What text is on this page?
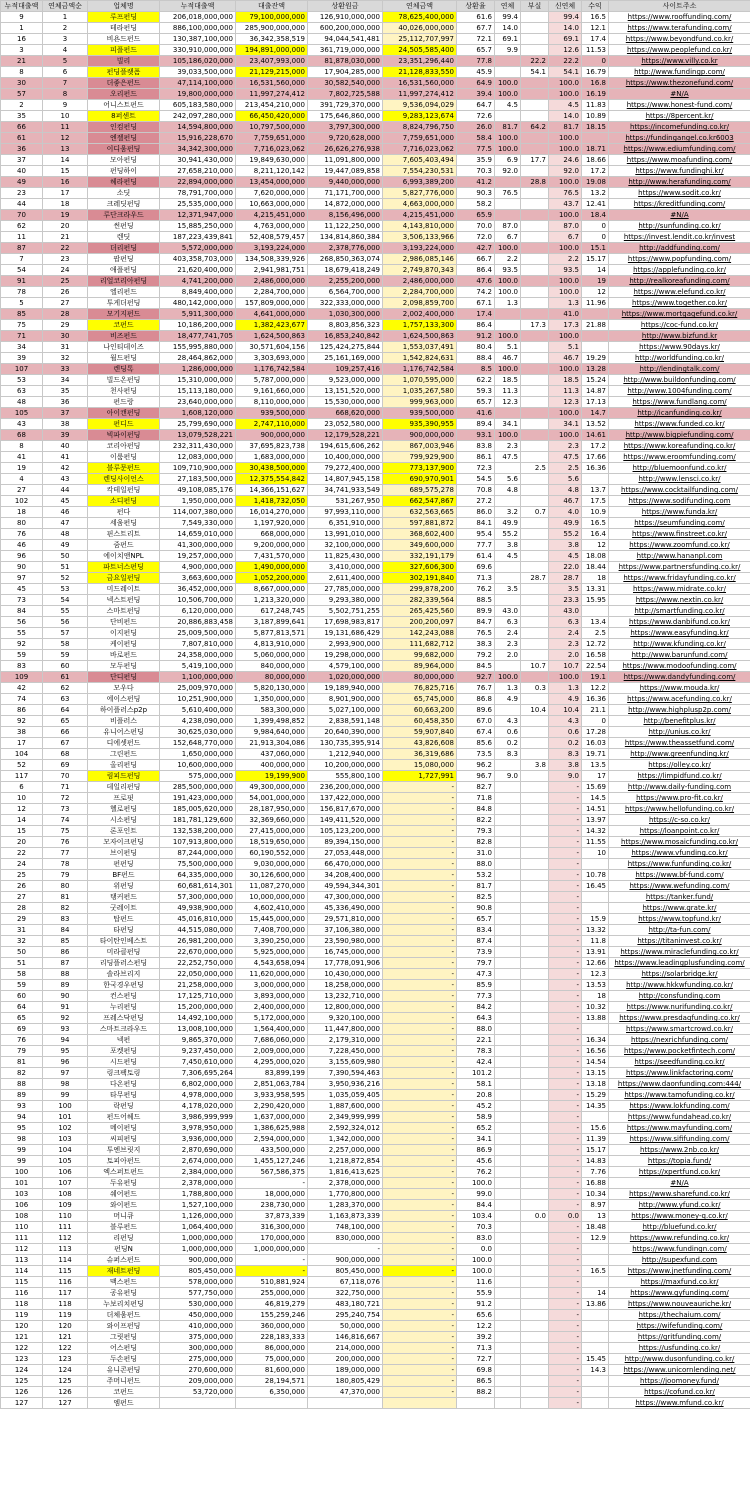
누적대출액	연체금액순	업체명	누적대출액	대출잔액	상환원금	연체금액	상환율	연체	부실	신연체	수익	사이트주소
9	1	루프펀딩	206,018,000,000	79,100,000,000	126,910,000,000	78,625,400,000	61.6	99.4		99.4	16.5	https://www.rooffunding.com/
1	2	테라펀딩	886,100,000,000	285,900,000,000	600,200,000,000	40,026,000,000	67.7	14.0		14.0	12.1	https://www.terafunding.com/
16	3	비욘드펀드	130,387,100,000	36,342,358,519	94,044,541,481	25,112,707,997	72.1	69.1		69.1	17.4	https://www.beyondfund.co.kr/
3	4	피플펀드	330,910,000,000	194,891,000,000	361,719,000,000	24,505,585,400	65.7	9.9		12.6	11.53	https://www.peoplefund.co.kr/
21	5	빌리	105,186,020,000	23,407,993,000	81,878,030,000	23,351,296,440	77.8		22.2	22.2	0	https://www.villy.co.kr
8	6	펀딩플랫폼	39,033,500,000	21,129,215,000	17,904,285,000	21,128,833,550	45.9		54.1	54.1	16.79	http://www.fundingp.com/
30	7	더좋은펀드	47,114,100,000	16,531,560,000	30,582,540,000	16,531,560,000	64.9	100.0		100.0	16.8	https://www.thezonefund.com/
57	8	오리펀드	19,800,000,000	11,997,274,412	7,802,725,588	11,997,274,412	39.4	100.0		100.0	16.19	#N/A
2	9	어니스트펀드	605,183,580,000	213,454,210,000	391,729,370,000	9,536,094,029	64.7	4.5		4.5	11.83	https://www.honest-fund.com/
35	10	8퍼센트	242,097,280,000	66,450,420,000	175,646,860,000	9,283,123,674	72.6			14.0	10.89	https://8percent.kr/
66	11	인컴펀딩	14,594,800,000	10,797,500,000	3,797,300,000	8,824,796,750	26.0	81.7	64.2	81.7	18.15	https://incomefunding.co.kr/
61	12	엔젤펀딩	15,916,228,670	7,759,651,000	9,720,628,000	7,759,651,000	58.4	100.0		100.0		https://fundingangel.co.kr6003
36	13	이디움펀딩	34,342,300,000	7,716,023,062	26,626,276,938	7,716,023,062	77.5	100.0		100.0	18.71	https://www.ediumfunding.com/
37	14	모아펀딩	30,941,430,000	19,849,630,000	11,091,800,000	7,605,403,494	35.9	6.9	17.7	24.6	18.66	https://www.moafunding.com/
40	15	펀딩하이	27,658,210,000	8,211,120,142	19,447,089,858	7,554,230,531	70.3	92.0		92.0	17.2	https://www.fundinghi.kr/
49	16	헤라펀딩	22,894,000,000	13,454,000,000	9,440,000,000	6,993,389,200	41.2		28.8	100.0	19.08	http://www.herafunding.com/
23	17	소딧	78,791,700,000	7,620,000,000	71,171,700,000	5,827,776,000	90.3	76.5		76.5	13.2	https://www.sodit.co.kr/
44	18	크레딧펀딩	25,535,000,000	10,663,000,000	14,872,000,000	4,663,000,000	58.2			43.7	12.41	https://kreditfunding.com/
70	19	루단크라우드	12,371,947,000	4,215,451,000	8,156,496,000	4,215,451,000	65.9			100.0	18.4	#N/A
62	20	썬펀딩	15,885,250,000	4,763,000,000	11,122,250,000	4,143,810,000	70.0	87.0		87.0	0	http://sunfunding.co.kr/
11	21	렌딧	187,223,439,841	52,408,579,457	134,814,860,384	3,506,133,966	72.0	6.7		6.7	0	https://invest.lendit.co.kr/invest
87	22	더리펀딩	5,572,000,000	3,193,224,000	2,378,776,000	3,193,224,000	42.7	100.0		100.0	15.1	http://addfunding.com/
7	23	팝펀딩	403,358,703,000	134,508,339,926	268,850,363,074	2,986,085,146	66.7	2.2		2.2	15.17	https://www.popfunding.com/
54	24	애플펀딩	21,620,400,000	2,941,981,751	18,679,418,249	2,749,870,343	86.4	93.5		93.5	14	https://applefunding.co.kr/
91	25	리얼코리아펀딩	4,741,200,000	2,486,000,000	2,255,200,000	2,486,000,000	47.6	100.0		100.0	19	http://realkoreafunding.com/
78	26	엘리펀드	8,849,400,000	2,284,700,000	6,564,700,000	2,284,700,000	74.2	100.0		100.0	12	https://www.elefund.co.kr/
5	27	투게더펀딩	480,142,000,000	157,809,000,000	322,333,000,000	2,098,859,700	67.1	1.3		1.3	11.96	https://www.together.co.kr/
85	28	모기지펀드	5,911,300,000	4,641,000,000	1,030,300,000	2,002,400,000	17.4			41.0		https://www.mortgagefund.co.kr/
75	29	코펀드	10,186,200,000	1,382,423,677	8,803,856,323	1,757,133,300	86.4		17.3	17.3	21.88	https://coc-fund.co.kr/
71	30	비즈펀드	18,477,741,705	1,624,500,863	16,853,240,842	1,624,500,863	91.2	100.0		100.0		http://www.bizfund.kr
34	31	나인티데이즈	155,995,880,000	30,571,604,156	125,424,275,844	1,553,037,491	80.4	5.1		5.1		https://www.90days.kr/
39	32	월드펀딩	28,464,862,000	3,303,693,000	25,161,169,000	1,542,824,631	88.4	46.7		46.7	19.29	http://worldfunding.co.kr/
107	33	렌딩톡	1,286,000,000	1,176,742,584	109,257,416	1,176,742,584	8.5	100.0		100.0	13.28	http://lendingtalk.com/
53	34	빌드온펀딩	15,310,000,000	5,787,000,000	9,523,000,000	1,070,595,000	62.2	18.5		18.5	15.24	http://www.buildonfunding.com/
63	35	천사펀딩	15,113,180,000	9,161,660,000	13,151,520,000	1,035,267,580	59.3	11.3		11.3	14.87	http://www.1004funding.com/
48	36	펀드랑	23,640,000,000	8,110,000,000	15,530,000,000	999,963,000	65.7	12.3		12.3	17.13	https://www.fundlang.com/
105	37	아이캔펀딩	1,608,120,000	939,500,000	668,620,000	939,500,000	41.6			100.0	14.7	http://icanfunding.co.kr/
43	38	펀디드	25,799,690,000	2,747,110,000	23,052,580,000	935,390,955	89.4	34.1		34.1	13.52	https://www.funded.co.kr/
68	39	빅파이펀딩	13,079,528,221	900,000,000	12,179,528,221	900,000,000	93.1	100.0		100.0	14.61	http://www.bigpiefunding.com/
8	40	코리아펀딩	232,311,430,000	37,695,823,738	194,615,606,262	867,003,946	83.8	2.3		2.3	17.2	https://www.koreafunding.co.kr/
41	41	이룸펀딩	12,083,000,000	1,683,000,000	10,400,000,000	799,929,900	86.1	47.5		47.5	17.66	https://www.eroomfunding.com/
19	42	블루문펀드	109,710,900,000	30,438,500,000	79,272,400,000	773,137,900	72.3		2.5	2.5	16.36	http://bluemoonfund.co.kr/
4	43	렌딩사이언스	27,183,500,000	12,375,554,842	14,807,945,158	690,970,901	54.5	5.6		5.6		http://www.lensci.co.kr/
27	44	칵테일펀딩	49,108,085,176	14,366,151,627	34,741,933,549	689,575,278	70.8	4.8		4.8	13.7	https://www.cocktailfunding.com/
102	45	소디펀딩	1,950,000,000	1,418,732,050	531,267,950	662,547,867	27.2			46.7	17.5	https://www.sodifunding.com
18	46	펀다	114,007,380,000	16,014,270,000	97,993,110,000	632,563,665	86.0	3.2	0.7	4.0	10.9	https://www.funda.kr/
80	47	세움펀딩	7,549,330,000	1,197,920,000	6,351,910,000	597,881,872	84.1	49.9		49.9	16.5	https://seumfunding.com/
76	48	핀스트리트	14,659,010,000	668,000,000	13,991,010,000	368,602,400	95.4	55.2		55.2	16.4	https://www.finstreet.co.kr/
46	49	줌펀드	41,300,000,000	9,200,000,000	32,100,000,000	349,600,000	77.7	3.8		3.8	12	https://www.zoomfund.co.kr/
96	50	에이치앤NPL	19,257,000,000	7,431,570,000	11,825,430,000	332,191,179	61.4	4.5		4.5	18.08	http://www.hananpl.com
90	51	파트너스펀딩	4,900,000,000	1,490,000,000	3,410,000,000	327,606,300	69.6			22.0	18.44	https://www.partnersfunding.co.kr/
97	52	금요일펀딩	3,663,600,000	1,052,200,000	2,611,400,000	302,191,840	71.3		28.7	28.7	18	https://www.fridayfunding.co.kr/
45	53	미드레이트	36,452,000,000	8,667,000,000	27,785,000,000	299,878,200	76.2	3.5		3.5	13.31	https://www.midrate.co.kr/
73	54	넥스트펀딩	10,506,700,000	1,213,320,000	9,293,380,000	282,339,564	88.5			23.3	15.95	https://www.nextin.co.kr/
84	55	스마트펀딩	6,120,000,000	617,248,745	5,502,751,255	265,425,560	89.9	43.0		43.0		http://smartfunding.co.kr/
56	56	단비펀드	20,886,883,458	3,187,899,641	17,698,983,817	200,200,097	84.7	6.3		6.3	13.4	https://www.danbifund.co.kr/
55	57	이지펀딩	25,009,500,000	5,877,813,571	19,131,686,429	142,243,088	76.5	2.4		2.4	2.5	https://www.easyfunding.kr/
92	58	케이펀딩	7,807,810,000	4,813,910,000	2,993,900,000	111,682,712	38.3	2.3		2.3	12.72	http://www.kfunding.co.kr/
59	59	바로펀드	24,358,000,000	5,060,000,000	19,298,000,000	99,682,000	79.2	2.0		2.0	16.58	http://www.barunfund.com/
83	60	모두펀딩	5,419,100,000	840,000,000	4,579,100,000	89,964,000	84.5		10.7	10.7	22.54	https://www.modoofunding.com/
109	61	단디펀딩	1,100,000,000	80,000,000	1,020,000,000	80,000,000	92.7	100.0		100.0	19.1	https://www.dandyfunding.com/
42	62	모우다	25,009,970,000	5,820,130,000	19,189,940,000	76,825,716	76.7	1.3	0.3	1.3	12.2	https://www.mouda.kr/
74	63	에이스펀딩	10,251,900,000	1,350,000,000	8,901,900,000	65,745,000	86.8	4.9		4.9	16.36	https://www.acefunding.co.kr/
86	64	하이플러스p2p	5,610,400,000	583,300,000	5,027,100,000	60,663,200	89.6		10.4	10.4	21.1	http://www.highplusp2p.com/
92	65	비플러스	4,238,090,000	1,399,498,852	2,838,591,148	60,458,350	67.0	4.3		4.3	0	http://benefitplus.kr/
38	66	유니어스펀딩	30,625,030,000	9,984,640,000	20,640,390,000	59,907,840	67.4	0.6		0.6	17.28	http://unius.co.kr/
17	67	디에셋펀드	152,648,770,000	21,913,304,086	130,735,395,914	43,826,608	85.6	0.2		0.2	16.03	https://www.theassetfund.com/
104	68	그린펀드	1,650,000,000	437,060,000	1,212,940,000	36,319,686	73.5	8.3		8.3	19.71	http://www.greenfunding.kr/
52	69	올리펀딩	10,600,000,000	400,000,000	10,200,000,000	15,080,000	96.2		3.8	3.8	13.5	https://olley.co.kr/
117	70	림피드펀딩	575,000,000	19,199,900	555,800,100	1,727,991	96.7	9.0		9.0	17	https://limpidfund.co.kr/
6	71	데일리펀딩	285,500,000,000	49,300,000,000	236,200,000,000	-	82.7			-	15.69	http://www.daily-funding.com
10	72	프로핏	191,423,000,000	54,001,000,000	137,422,000,000	-	71.8			-	14.5	https://www.pro-fit.co.kr/
12	73	헬로펀딩	185,005,620,000	28,187,950,000	156,817,670,000	-	84.8			-	14.51	https://www.hellofunding.co.kr/
14	74	시소펀딩	181,781,129,600	32,369,660,000	149,411,520,000	-	82.2			-	13.97	https://c-so.co.kr/
15	75	론포인트	132,538,200,000	27,415,000,000	105,123,200,000	-	79.3			-	14.32	https://loanpoint.co.kr/
20	76	모자이크펀딩	107,913,800,000	18,519,650,000	89,394,150,000	-	82.8			-	11.55	https://www.mosaicfunding.co.kr/
22	77	브이펀딩	87,244,000,000	60,190,552,000	27,053,448,000	-	31.0			-	10	https://www.vfunding.co.kr/
24	78	펀펀딩	75,500,000,000	9,030,000,000	66,470,000,000	-	88.0			-		https://www.funfunding.co.kr/
25	79	BF펀드	64,335,000,000	30,126,600,000	34,208,400,000	-	53.2			-	10.78	https://www.bf-fund.com/
26	80	위펀딩	60,681,614,301	11,087,270,000	49,594,344,301	-	81.7			-	16.45	https://www.wefunding.com/
27	81	탱커펀드	57,300,000,000	10,000,000,000	47,300,000,000	-	82.5			-		https://tanker.fund/
28	82	굿레이트	49,938,900,000	4,602,410,000	45,336,490,000	-	90.8			-		https://www.grate.kr/
29	83	탑펀드	45,016,810,000	15,445,000,000	29,571,810,000	-	65.7			-	15.9	https://www.topfund.kr/
31	84	타펀딩	44,515,080,000	7,408,700,000	37,106,380,000	-	83.4			-	13.32	http://ta-fun.com/
32	85	타이탄인베스트	26,981,200,000	3,390,250,000	23,590,980,000	-	87.4			-	11.8	https://titaninvest.co.kr/
50	86	미라클펀딩	22,670,000,000	5,925,000,000	16,745,000,000	-	73.9			-	13.91	https://www.miraclefunding.co.kr/
51	87	리딩플러스펀딩	22,252,750,000	4,543,658,094	17,778,091,906	-	79.7			-	12.66	https://www.leadingplusfunding.com/
58	88	솔라브리지	22,050,000,000	11,620,000,000	10,430,000,000	-	47.3			-	12.3	https://solarbridge.kr/
59	89	한국경우펀딩	21,258,000,000	3,000,000,000	18,258,000,000	-	85.9			-	13.53	http://www.hkkwfunding.co.kr/
60	90	컨스펀딩	17,125,710,000	3,893,000,000	13,232,710,000	-	77.3			-	18	http://consfunding.com
64	91	누리펀딩	15,200,000,000	2,400,000,000	12,800,000,000	-	84.2			-	10.32	https://www.nurifunding.co.kr/
65	92	프레스닥펀딩	14,492,100,000	5,172,000,000	9,320,100,000	-	64.3			-	13.88	https://www.presdaqfunding.co.kr/
69	93	스마트크라우드	13,008,100,000	1,564,400,000	11,447,800,000	-	88.0			-		https://www.smartcrowd.co.kr/
76	94	넥펀	9,865,370,000	7,686,060,000	2,179,310,000	-	22.1			-	16.34	https://nexrichfunding.com/
79	95	포켓펀딩	9,237,450,000	2,009,000,000	7,228,450,000	-	78.3			-	16.56	https://www.pocketfintech.com/
81	96	시드펀딩	7,450,610,000	4,295,000,020	3,155,609,980	-	42.4			-	14.54	https://seedfunding.co.kr/
82	97	링크팩토링	7,306,695,264	83,899,199	7,390,594,463	-	101.2			-	13.15	https://www.linkfactoring.com/
88	98	다온펀딩	6,802,000,000	2,851,063,784	3,950,936,216	-	58.1			-	13.18	https://www.daonfunding.com:444/
89	99	타무펀딩	4,978,000,000	3,933,958,595	1,035,059,405	-	20.8			-	15.29	https://www.tamofunding.co.kr/
93	100	락펀딩	4,178,020,000	2,290,420,000	1,887,600,000	-	45.2			-	14.35	https://www.lokfunding.com/
94	101	펀드어헤드	3,986,999,999	1,637,000,000	2,349,999,999	-	58.9			-		https://www.fundahead.co.kr/
95	102	메이펀딩	3,978,950,000	1,386,625,988	2,592,324,012	-	65.2			-	15.6	https://www.mayfunding.com/
98	103	씨피펀딩	3,936,000,000	2,594,000,000	1,342,000,000	-	34.1			-	11.39	https://www.sififunding.com/
99	104	투엔브릿지	2,870,690,000	433,500,000	2,257,000,000	-	86.9			-	15.17	https://www.2nb.co.kr/
99	105	토피아펀드	2,674,000,000	1,455,127,246	1,218,872,854	-	45.6			-	14.83	https://topia.fund/
100	106	엑스퍼트펀드	2,384,000,000	567,586,375	1,816,413,625	-	76.2			-	7.76	https://xpertfund.co.kr/
101	107	두유펀딩	2,378,000,000	-	2,378,000,000	-	100.0			-	16.88	#N/A
103	108	쉐어펀드	1,788,800,000	18,000,000	1,770,800,000	-	99.0			-	10.34	https://www.sharefund.co.kr/
106	109	와이펀드	1,527,100,000	238,730,000	1,283,370,000	-	84.4			-	8.97	http://www.yfund.co.kr/
108	110	머니큐	1,126,000,000	37,873,339	1,163,873,339	-	103.4		0.0	0.0	13	https://www.money-q.co.kr/
110	111	블루펀드	1,064,400,000	316,300,000	748,100,000	-	70.3			-	18.48	http://bluefund.co.kr/
111	112	리펀딩	1,000,000,000	170,000,000	830,000,000	-	83.0			-	12.9	https://www.refunding.co.kr/
112	113	펀딩N	1,000,000,000	1,000,000,000	-	-	0.0			-		https://www.fundingn.com/
113	114	슈퍼스펀드	900,000,000	-	900,000,000	-	100.0			-		http://supexfund.com
114	115	재네트펀딩	805,450,000	-	805,450,000	-	100.0			-	16.5	https://www.jnetfunding.com/
115	116	맥스펀드	578,000,000	510,881,924	67,118,076	-	11.6			-		https://maxfund.co.kr/
116	117	공유펀딩	577,750,000	255,000,000	322,750,000	-	55.9			-	14	https://www.gyfunding.com/
118	118	누보리치펀딩	530,000,000	46,819,279	483,180,721	-	91.2			-	13.86	https://www.nouveauriche.kr/
119	119	더체움펀드	450,000,000	155,259,246	295,240,754	-	65.6			-		https://thechaium.com/
120	120	와이프펀딩	410,000,000	360,000,000	50,000,000	-	12.2			-		https://wifefunding.com/
121	121	그릿펀딩	375,000,000	228,183,333	146,816,667	-	39.2			-		https://gritfunding.com/
122	122	어스펀딩	300,000,000	86,000,000	214,000,000	-	71.3			-		https://usfunding.co.kr/
123	123	두손펀딩	275,000,000	75,000,000	200,000,000	-	72.7			-	15.45	http://www.dusonfunding.co.kr/
124	124	유니콘펀딩	270,600,000	81,600,000	189,000,000	-	69.8			-	14.3	https://www.unicornlending.net/
125	125	주머니펀드	209,000,000	28,194,571	180,805,429	-	86.5			-		https://joomoney.fund/
126	126	코펀드	53,720,000	6,350,000	47,370,000	-	88.2			-		https://cofund.co.kr/
127	127	엠펀드								-		https://www.mfund.co.kr/
